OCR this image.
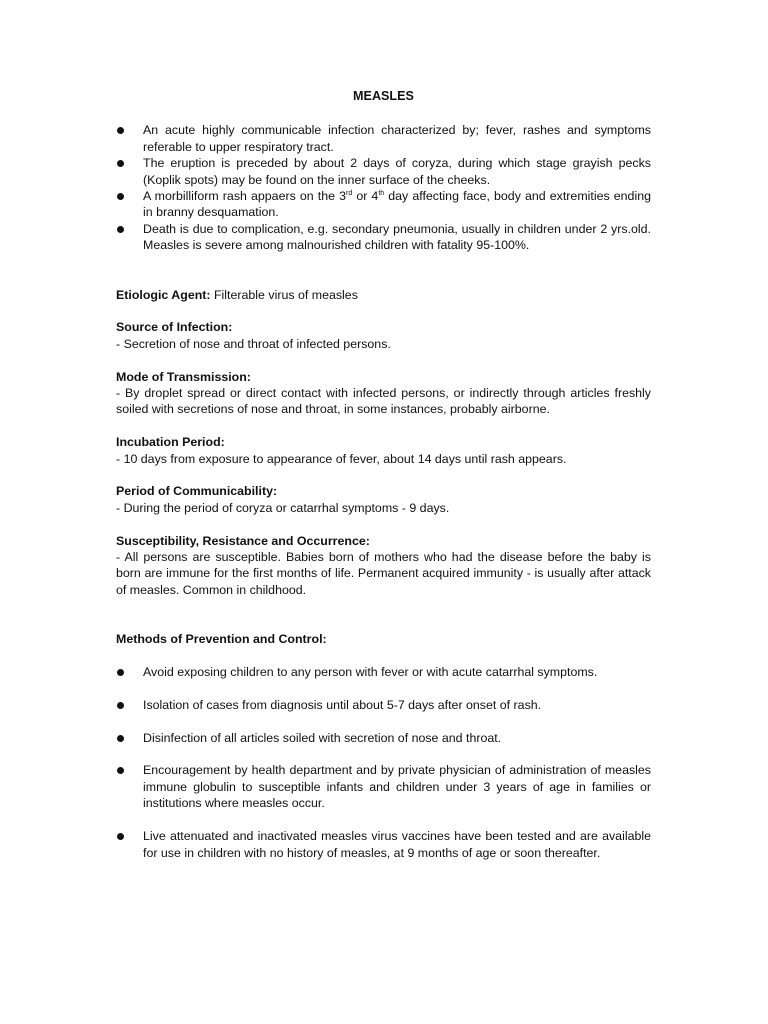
MEASLES
An acute highly communicable infection characterized by; fever, rashes and symptoms referable to upper respiratory tract.
The eruption is preceded by about 2 days of coryza, during which stage grayish pecks (Koplik spots) may be found on the inner surface of the cheeks.
A morbilliform rash appaers on the 3rd or 4th day affecting face, body and extremities ending in branny desquamation.
Death is due to complication, e.g. secondary pneumonia, usually in children under 2 yrs.old. Measles is severe among malnourished children with fatality 95-100%.

Etiologic Agent: Filterable virus of measles

Source of Infection:
- Secretion of nose and throat of infected persons.
Mode of Transmission:
- By droplet spread or direct contact with infected persons, or indirectly through articles freshly soiled with secretions of nose and throat, in some instances, probably airborne.
Incubation Period:
- 10 days from exposure to appearance of fever, about 14 days until rash appears.
Period of Communicability:
- During the period of coryza or catarrhal symptoms - 9 days.
Susceptibility, Resistance and Occurrence:
- All persons are susceptible. Babies born of mothers who had the disease before the baby is born are immune for the first months of life. Permanent acquired immunity - is usually after attack of measles. Common in childhood.
Methods of Prevention and Control:
Avoid exposing children to any person with fever or with acute catarrhal symptoms.
Isolation of cases from diagnosis until about 5-7 days after onset of rash.
Disinfection of all articles soiled with secretion of nose and throat.
Encouragement by health department and by private physician of administration of measles immune globulin to susceptible infants and children under 3 years of age in families or institutions where measles occur.
Live attenuated and inactivated measles virus vaccines have been tested and are available for use in children with no history of measles, at 9 months of age or soon thereafter.
